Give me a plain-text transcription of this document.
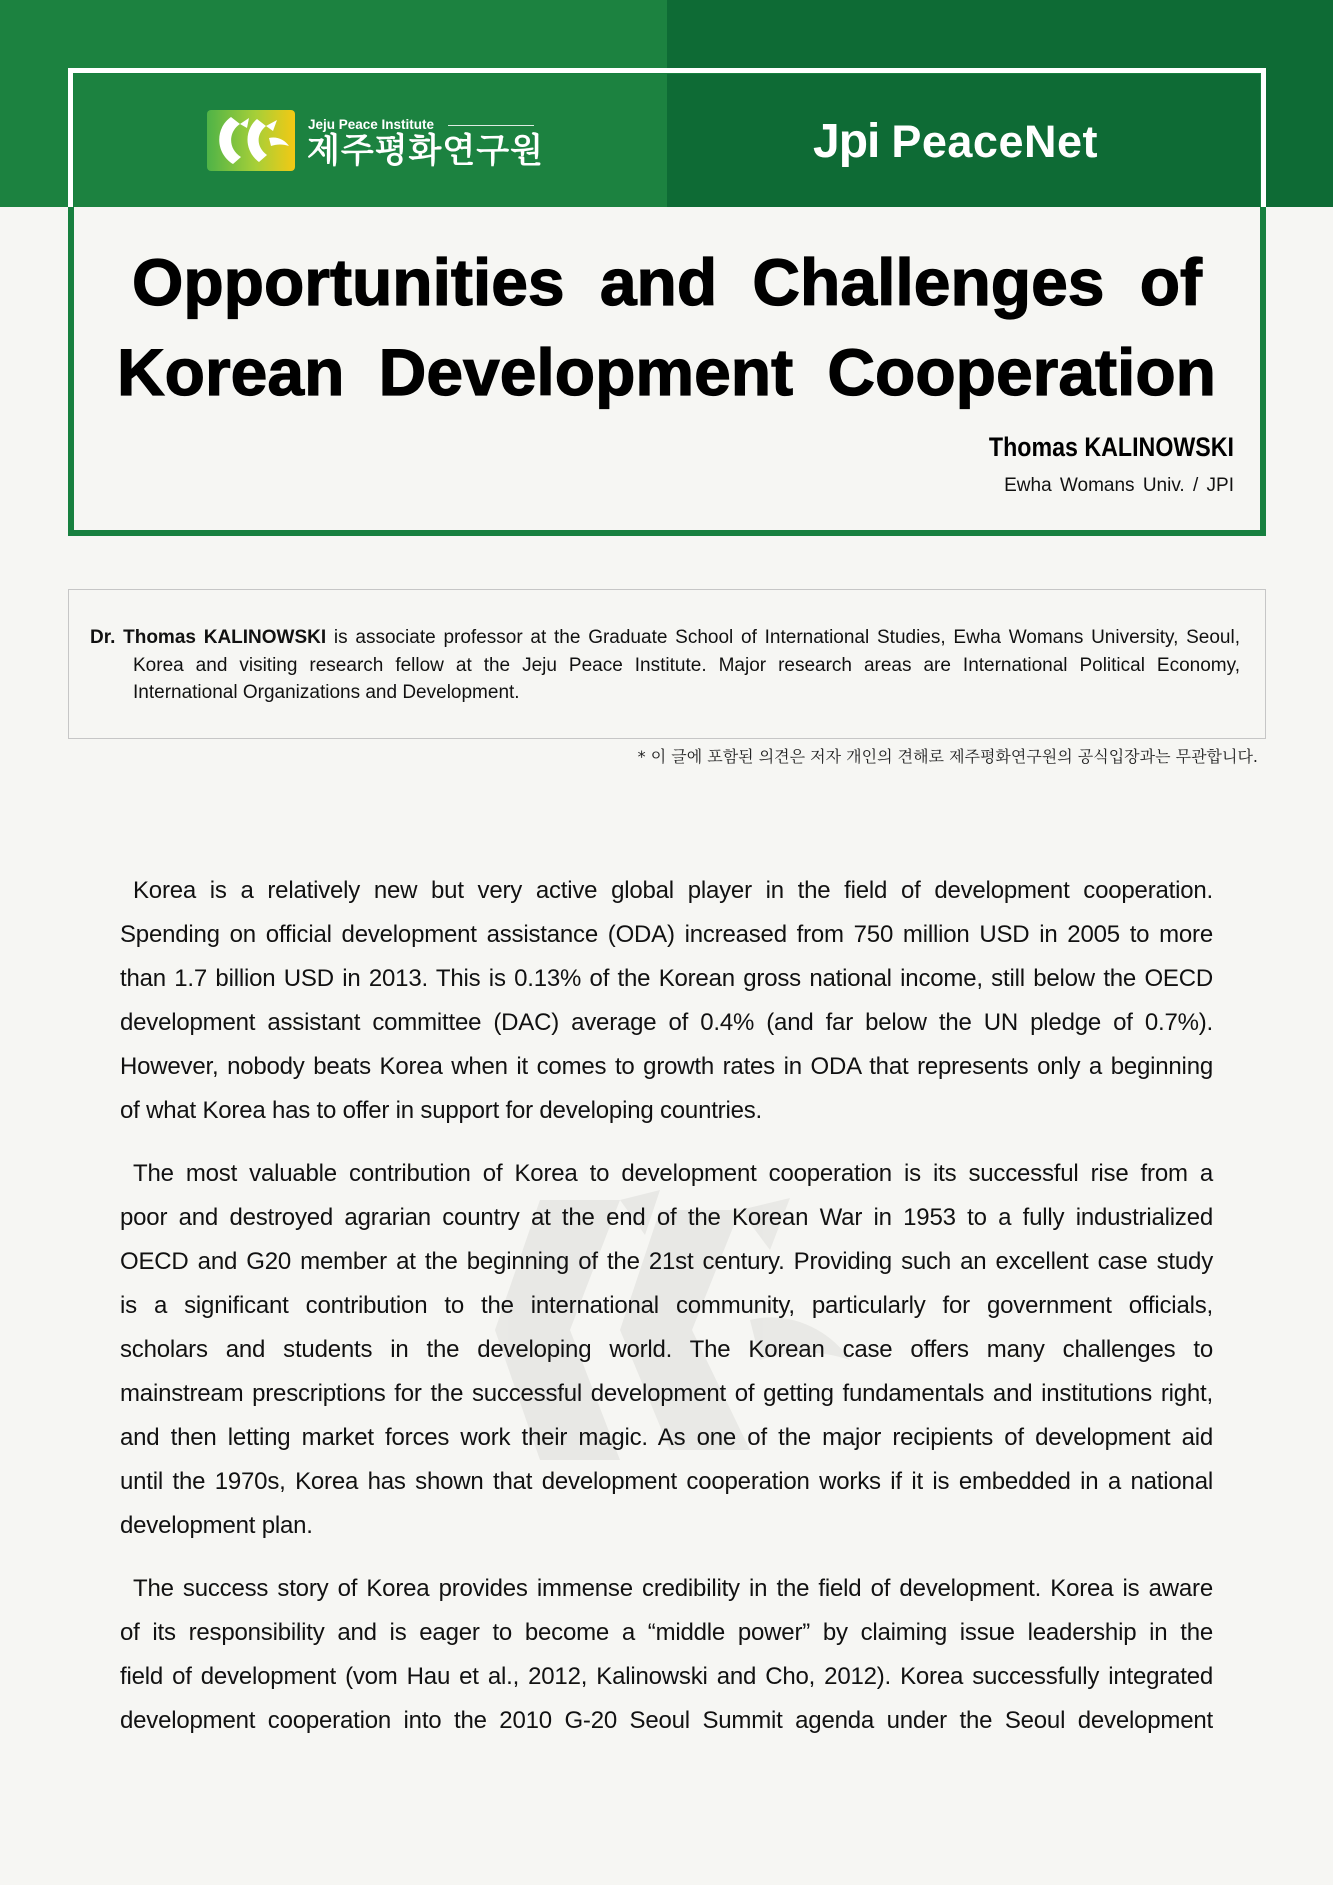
Jeju Peace Institute
제주평화연구원	Jpi PeaceNet
Opportunities and Challenges of
Korean Development Cooperation
Thomas KALINOWSKI
Ewha Womans Univ. / JPI
Dr. Thomas KALINOWSKI is associate professor at the Graduate School of International Studies, Ewha Womans University, Seoul,
Korea and visiting research fellow at the Jeju Peace Institute. Major research areas are International Political Economy,
International Organizations and Development.
* 이 글에 포함된 의견은 저자 개인의 견해로 제주평화연구원의 공식입장과는 무관합니다.
Korea is a relatively new but very active global player in the field of development cooperation.
Spending on official development assistance (ODA) increased from 750 million USD in 2005 to more
than 1.7 billion USD in 2013. This is 0.13% of the Korean gross national income, still below the OECD
development assistant committee (DAC) average of 0.4% (and far below the UN pledge of 0.7%).
However, nobody beats Korea when it comes to growth rates in ODA that represents only a beginning
of what Korea has to offer in support for developing countries.
The most valuable contribution of Korea to development cooperation is its successful rise from a
poor and destroyed agrarian country at the end of the Korean War in 1953 to a fully industrialized
OECD and G20 member at the beginning of the 21st century. Providing such an excellent case study
is a significant contribution to the international community, particularly for government officials,
scholars and students in the developing world. The Korean case offers many challenges to
mainstream prescriptions for the successful development of getting fundamentals and institutions right,
and then letting market forces work their magic. As one of the major recipients of development aid
until the 1970s, Korea has shown that development cooperation works if it is embedded in a national
development plan.
The success story of Korea provides immense credibility in the field of development. Korea is aware
of its responsibility and is eager to become a “middle power” by claiming issue leadership in the
field of development (vom Hau et al., 2012, Kalinowski and Cho, 2012). Korea successfully integrated
development cooperation into the 2010 G-20 Seoul Summit agenda under the Seoul development
